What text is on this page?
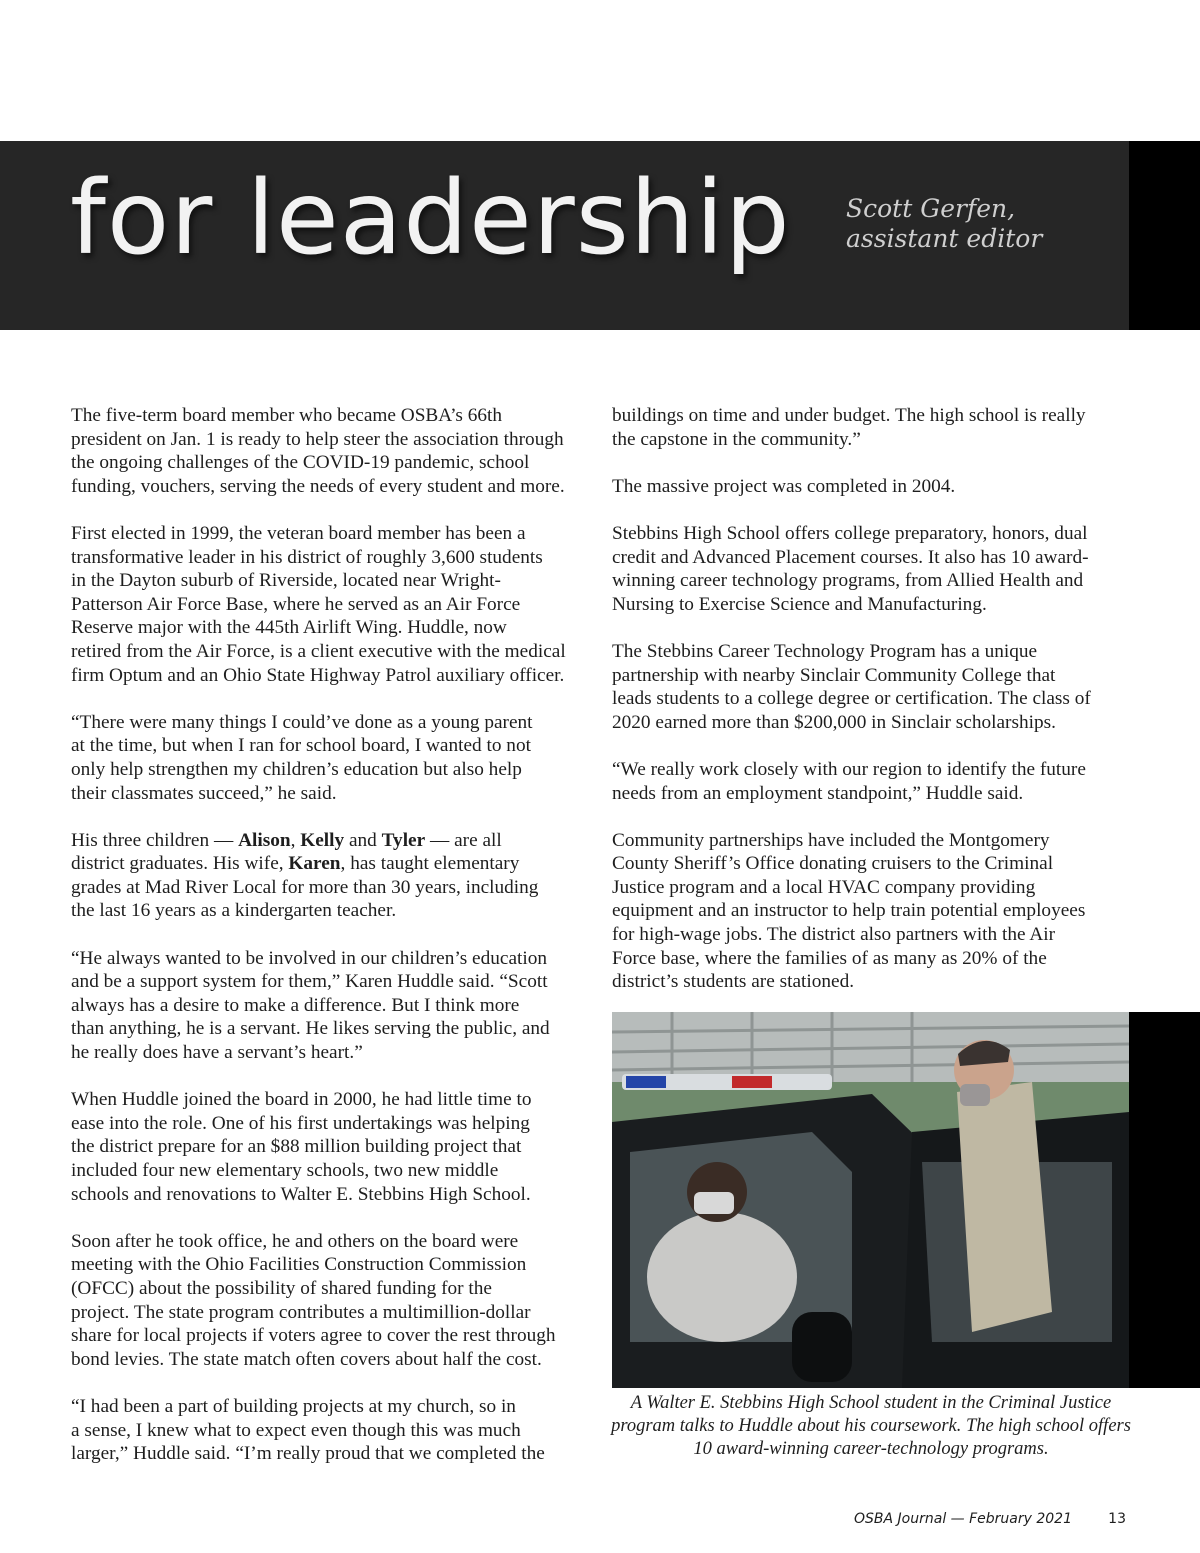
for leadership Scott Gerfen,
assistant editor

The five-term board member who became OSBA’s 66th
president on Jan. 1 is ready to help steer the association through
the ongoing challenges of the COVID-19 pandemic, school
funding, vouchers, serving the needs of every student and more.

First elected in 1999, the veteran board member has been a
transformative leader in his district of roughly 3,600 students
in the Dayton suburb of Riverside, located near Wright-
Patterson Air Force Base, where he served as an Air Force
Reserve major with the 445th Airlift Wing. Huddle, now
retired from the Air Force, is a client executive with the medical
firm Optum and an Ohio State Highway Patrol auxiliary officer.

“There were many things I could’ve done as a young parent
at the time, but when I ran for school board, I wanted to not
only help strengthen my children’s education but also help
their classmates succeed,” he said.

His three children — Alison, Kelly and Tyler — are all
district graduates. His wife, Karen, has taught elementary
grades at Mad River Local for more than 30 years, including
the last 16 years as a kindergarten teacher.

“He always wanted to be involved in our children’s education
and be a support system for them,” Karen Huddle said. “Scott
always has a desire to make a difference. But I think more
than anything, he is a servant. He likes serving the public, and
he really does have a servant’s heart.”

When Huddle joined the board in 2000, he had little time to
ease into the role. One of his first undertakings was helping
the district prepare for an $88 million building project that
included four new elementary schools, two new middle
schools and renovations to Walter E. Stebbins High School.

Soon after he took office, he and others on the board were
meeting with the Ohio Facilities Construction Commission
(OFCC) about the possibility of shared funding for the
project. The state program contributes a multimillion-dollar
share for local projects if voters agree to cover the rest through
bond levies. The state match often covers about half the cost.

“I had been a part of building projects at my church, so in
a sense, I knew what to expect even though this was much
larger,” Huddle said. “I’m really proud that we completed the

buildings on time and under budget. The high school is really
the capstone in the community.”

The massive project was completed in 2004.

Stebbins High School offers college preparatory, honors, dual
credit and Advanced Placement courses. It also has 10 award-
winning career technology programs, from Allied Health and
Nursing to Exercise Science and Manufacturing.

The Stebbins Career Technology Program has a unique
partnership with nearby Sinclair Community College that
leads students to a college degree or certification. The class of
2020 earned more than $200,000 in Sinclair scholarships.

“We really work closely with our region to identify the future
needs from an employment standpoint,” Huddle said.

Community partnerships have included the Montgomery
County Sheriff’s Office donating cruisers to the Criminal
Justice program and a local HVAC company providing
equipment and an instructor to help train potential employees
for high-wage jobs. The district also partners with the Air
Force base, where the families of as many as 20% of the
district’s students are stationed.

A Walter E. Stebbins High School student in the Criminal Justice
program talks to Huddle about his coursework. The high school offers
10 award-winning career-technology programs.
OSBA Journal — February 2021	13
